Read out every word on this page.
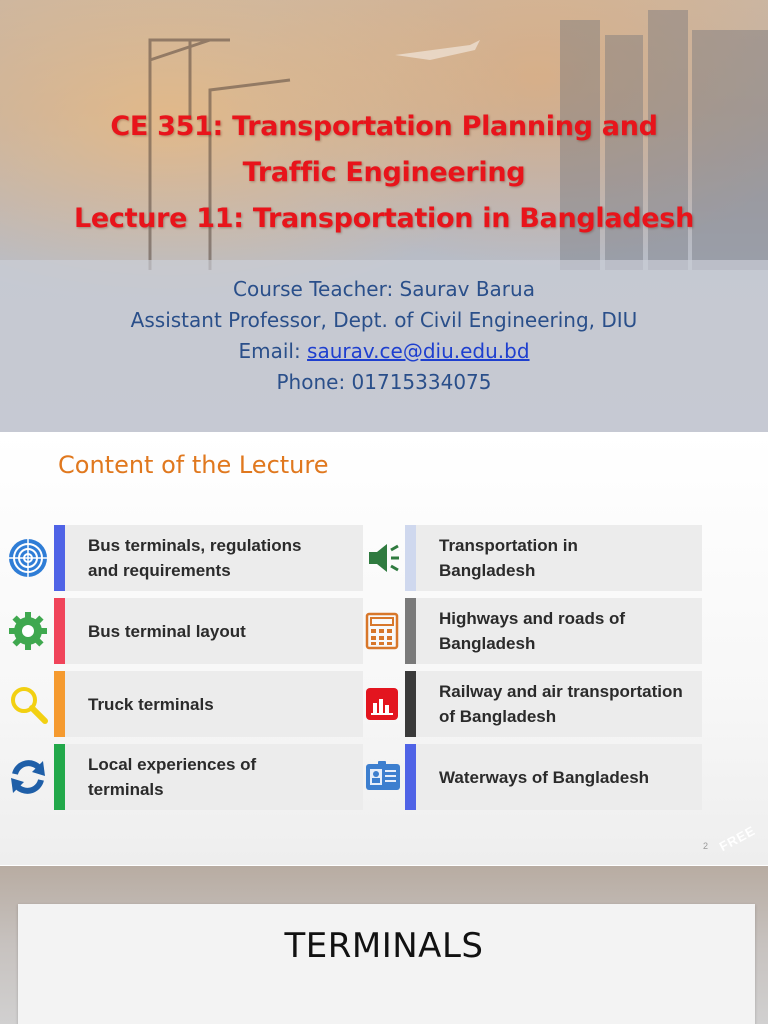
CE 351: Transportation Planning and
Traffic Engineering
Lecture 11: Transportation in Bangladesh
Course Teacher: Saurav Barua
Assistant Professor, Dept. of Civil Engineering, DIU
Email: saurav.ce@diu.edu.bd
Phone: 01715334075
Content of the Lecture
Bus terminals, regulations
and requirements
Bus terminal layout
Truck terminals
Local experiences of
terminals
Transportation in
Bangladesh
Highways and roads of
Bangladesh
Railway and air transportation
of Bangladesh
Waterways of Bangladesh
2 FREE
TERMINALS
